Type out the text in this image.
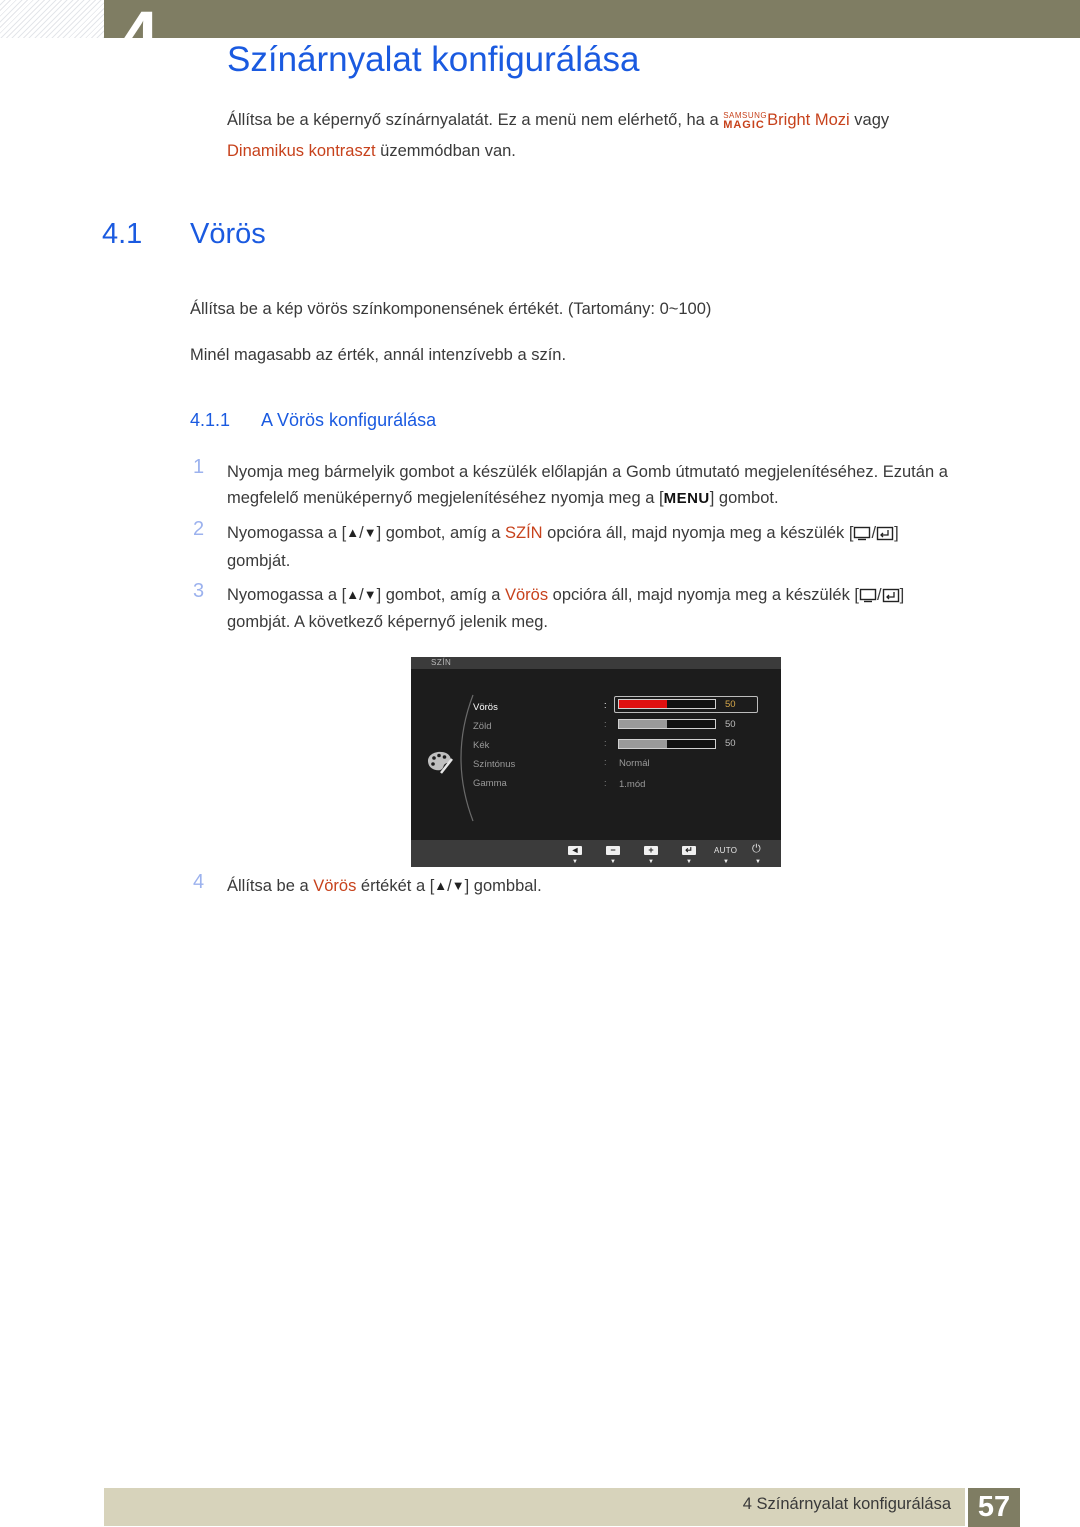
4	Színárnyalat konfigurálása

Állítsa be a képernyő színárnyalatát. Ez a menü nem elérhető, ha a SAMSUNG
MAGIC Bright Mozi vagy

Dinamikus kontraszt üzemmódban van.

4.1 Vörös

Állítsa be a kép vörös színkomponensének értékét. (Tartomány: 0~100)

Minél magasabb az érték, annál intenzívebb a szín.

4.1.1 A Vörös konfigurálása
1 Nyomja meg bármelyik gombot a készülék előlapján a Gomb útmutató megjelenítéséhez. Ezután a

megfelelő menüképernyő megjelenítéséhez nyomja meg a [MENU] gombot.

2 Nyomogassa a [▲/▼] gombot, amíg a SZÍN opcióra áll, majd nyomja meg a készülék [ / ]

gombját.

3 Nyomogassa a [▲/▼] gombot, amíg a Vörös opcióra áll, majd nyomja meg a készülék [ / ]

gombját. A következő képernyő jelenik meg.

SZÍN
Vörös	:	50
Zöld	:	50
Kék	:	50
Színtónus	: Normál
Gamma	: 1.mód
◄	−	+	↵	AUTO ⏻
▼	▼	▼	▼	▼	▼
4 Állítsa be a Vörös értékét a [▲/▼] gombbal.

4 Színárnyalat konfigurálása 57
